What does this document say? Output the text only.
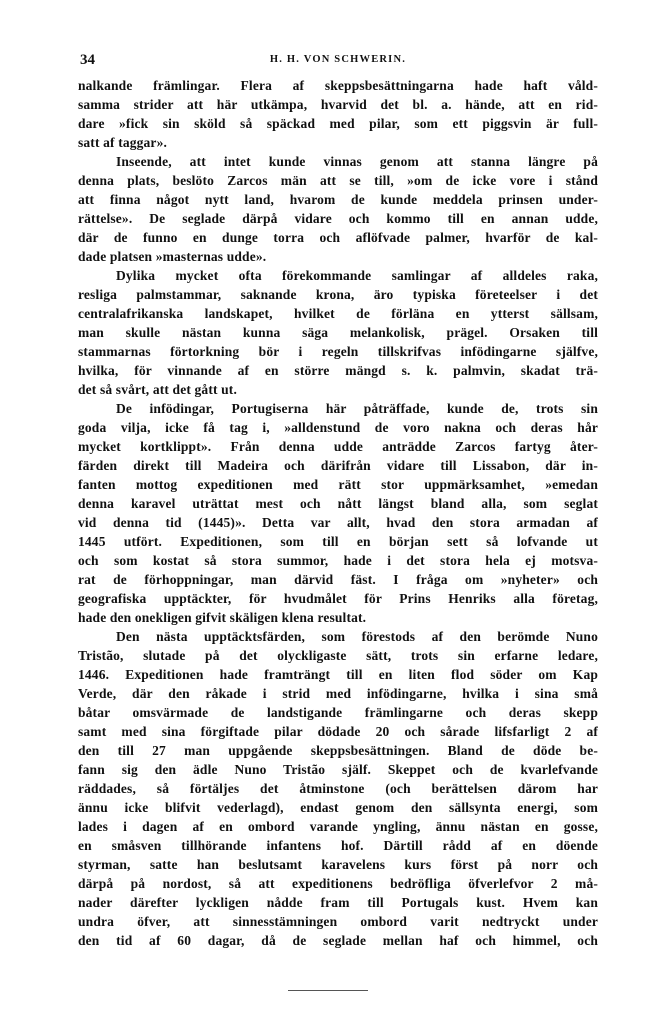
34	H. H. VON SCHWERIN.
nalkande främlingar. Flera af skeppsbesättningarna hade haft våld-
samma strider att här utkämpa, hvarvid det bl. a. hände, att en rid-
dare »fick sin sköld så späckad med pilar, som ett piggsvin är full-
satt af taggar».
Inseende, att intet kunde vinnas genom att stanna längre på
denna plats, beslöto Zarcos män att se till, »om de icke vore i stånd
att finna något nytt land, hvarom de kunde meddela prinsen under-
rättelse». De seglade därpå vidare och kommo till en annan udde,
där de funno en dunge torra och aflöfvade palmer, hvarför de kal-
dade platsen »masternas udde».
Dylika mycket ofta förekommande samlingar af alldeles raka,
resliga palmstammar, saknande krona, äro typiska företeelser i det
centralafrikanska landskapet, hvilket de förläna en ytterst sällsam,
man skulle nästan kunna säga melankolisk, prägel. Orsaken till
stammarnas förtorkning bör i regeln tillskrifvas infödingarne själfve,
hvilka, för vinnande af en större mängd s. k. palmvin, skadat trä-
det så svårt, att det gått ut.
De infödingar, Portugiserna här påträffade, kunde de, trots sin
goda vilja, icke få tag i, »alldenstund de voro nakna och deras hår
mycket kortklippt». Från denna udde anträdde Zarcos fartyg åter-
färden direkt till Madeira och därifrån vidare till Lissabon, där in-
fanten mottog expeditionen med rätt stor uppmärksamhet, »emedan
denna karavel uträttat mest och nått längst bland alla, som seglat
vid denna tid (1445)». Detta var allt, hvad den stora armadan af
1445 utfört. Expeditionen, som till en början sett så lofvande ut
och som kostat så stora summor, hade i det stora hela ej motsva-
rat de förhoppningar, man därvid fäst. I fråga om »nyheter» och
geografiska upptäckter, för hvudmålet för Prins Henriks alla företag,
hade den onekligen gifvit skäligen klena resultat.
Den nästa upptäcktsfärden, som förestods af den berömde Nuno
Tristão, slutade på det olyckligaste sätt, trots sin erfarne ledare,
1446. Expeditionen hade framträngt till en liten flod söder om Kap
Verde, där den råkade i strid med infödingarne, hvilka i sina små
båtar omsvärmade de landstigande främlingarne och deras skepp
samt med sina förgiftade pilar dödade 20 och sårade lifsfarligt 2 af
den till 27 man uppgående skeppsbesättningen. Bland de döde be-
fann sig den ädle Nuno Tristão själf. Skeppet och de kvarlefvande
räddades, så förtäljes det åtminstone (och berättelsen därom har
ännu icke blifvit vederlagd), endast genom den sällsynta energi, som
lades i dagen af en ombord varande yngling, ännu nästan en gosse,
en småsven tillhörande infantens hof. Därtill rådd af en döende
styrman, satte han beslutsamt karavelens kurs först på norr och
därpå på nordost, så att expeditionens bedröfliga öfverlefvor 2 må-
nader därefter lyckligen nådde fram till Portugals kust. Hvem kan
undra öfver, att sinnesstämningen ombord varit nedtryckt under
den tid af 60 dagar, då de seglade mellan haf och himmel, och
